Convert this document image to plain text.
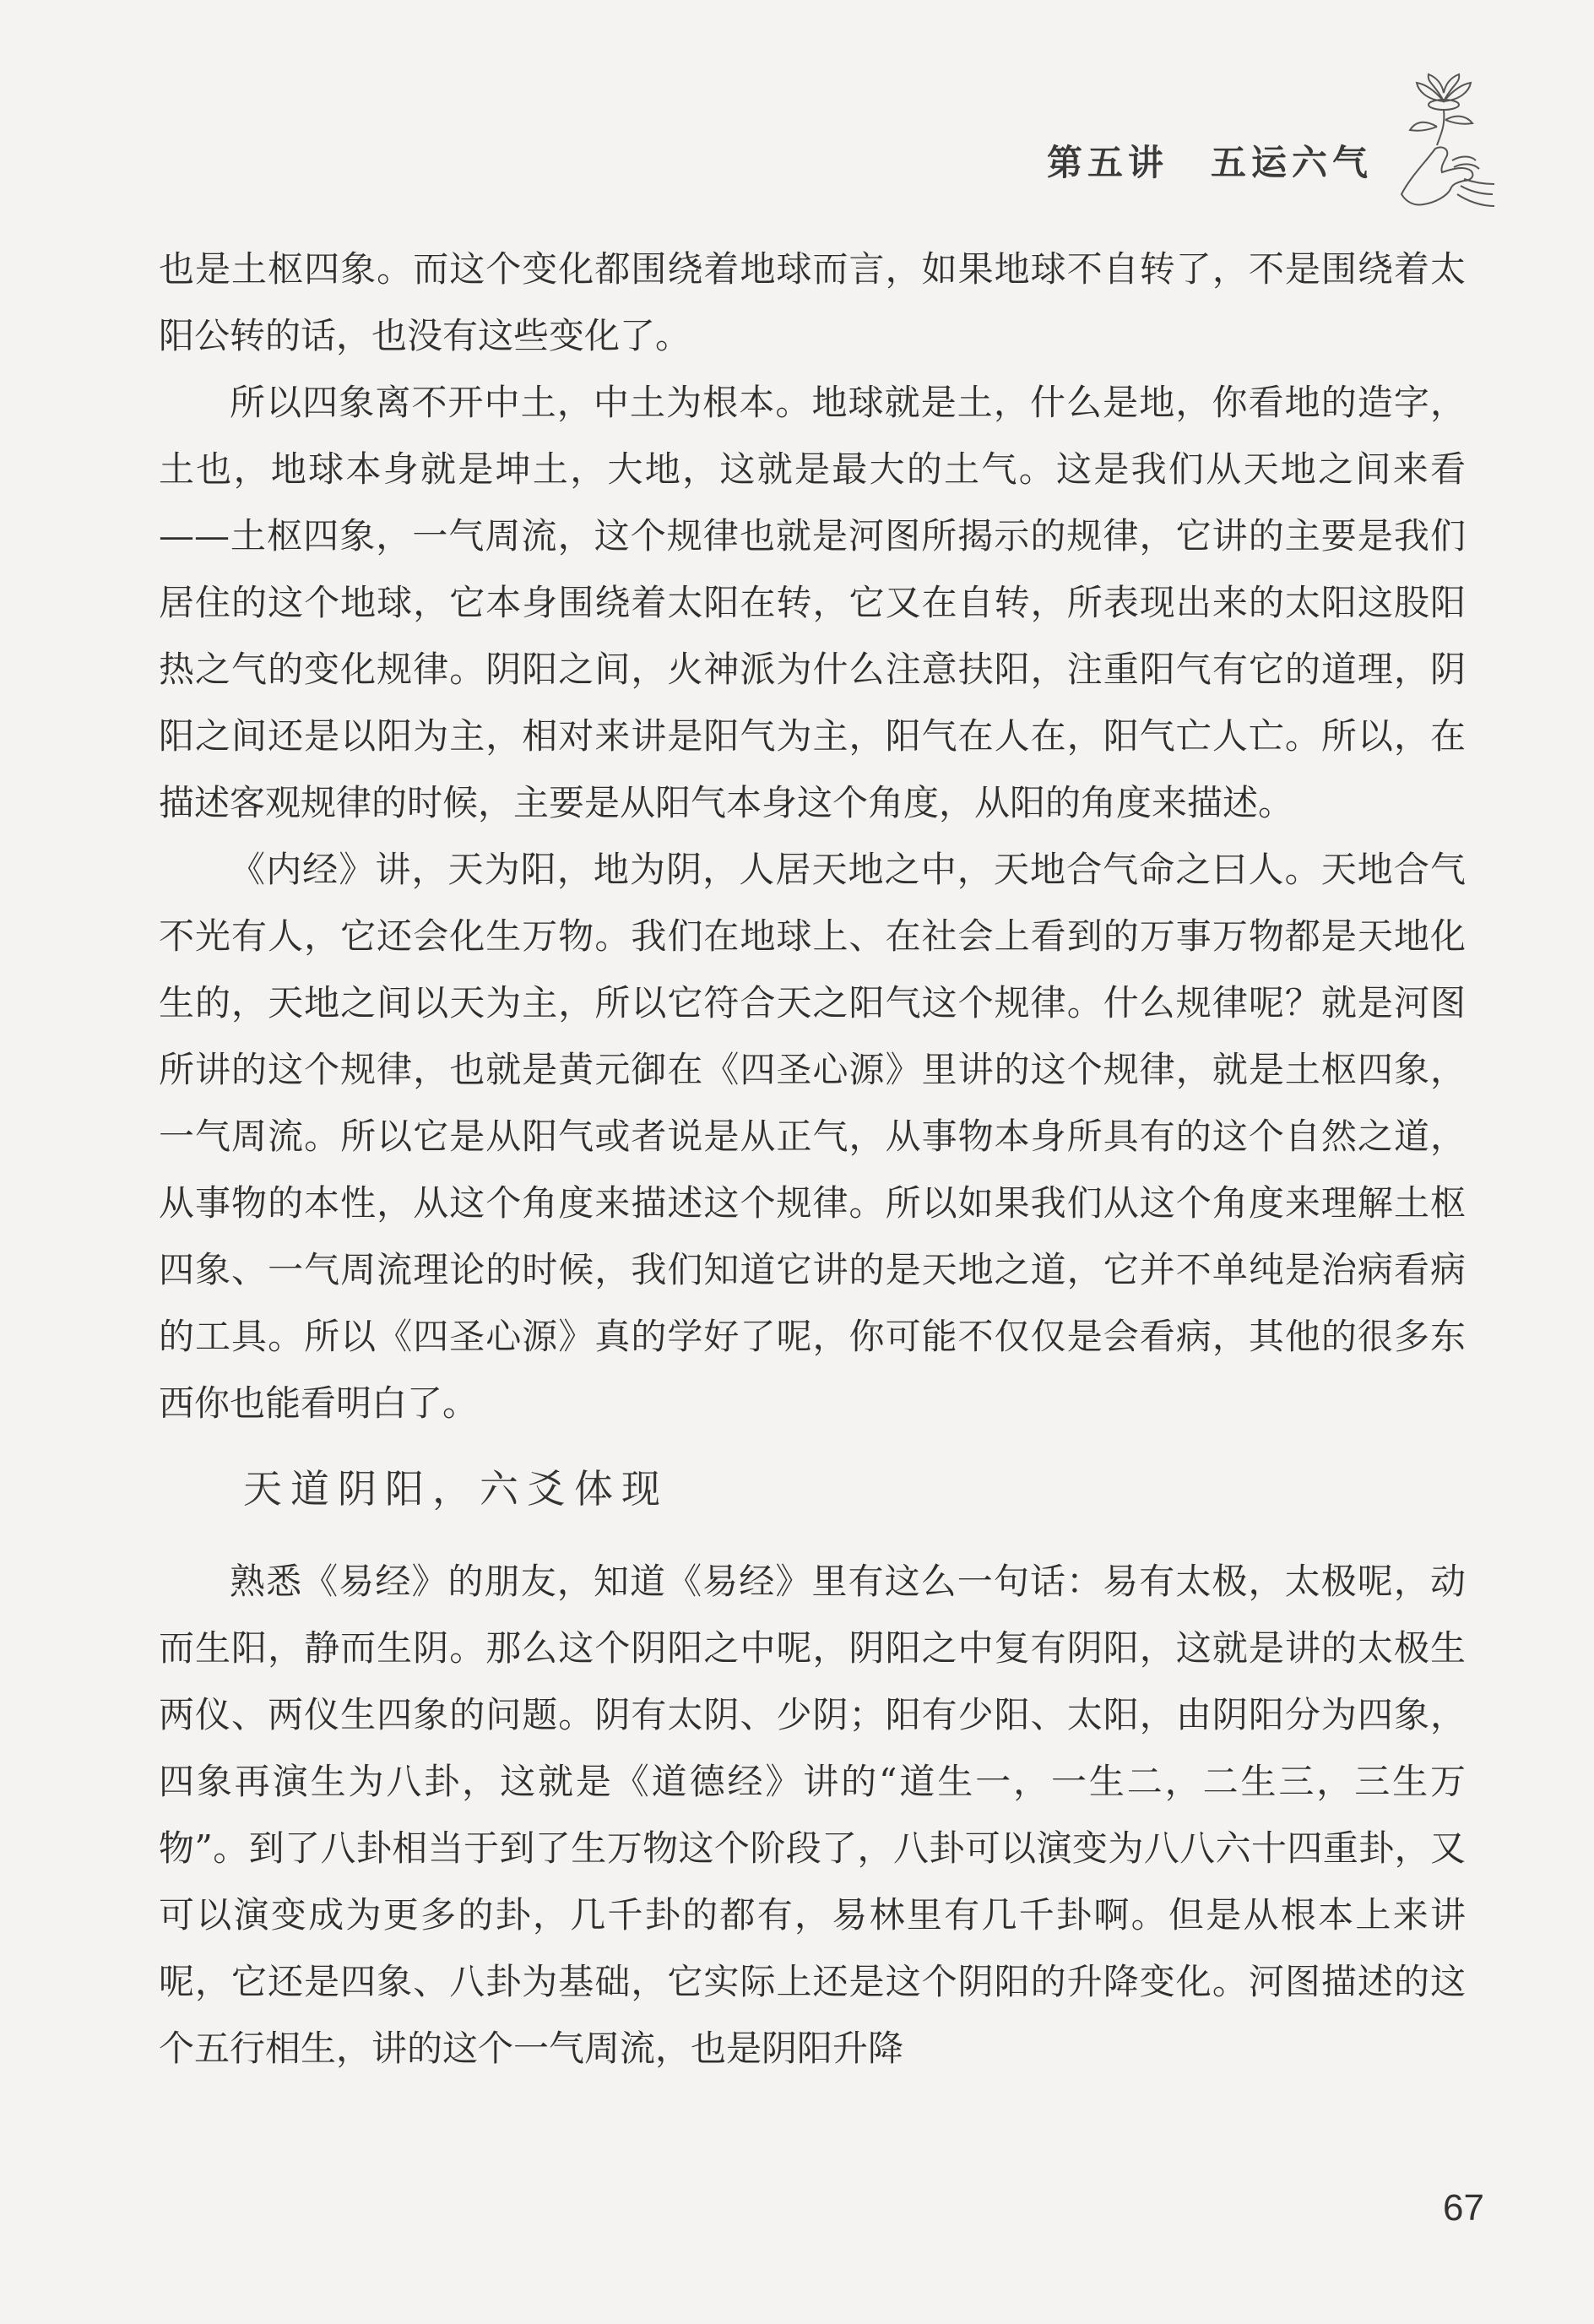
第五讲 五运六气

也是土枢四象。而这个变化都围绕着地球而言，如果地球不自转了，不是围绕着太阳公转的话，也没有这些变化了。

所以四象离不开中土，中土为根本。地球就是土，什么是地，你看地的造字，土也，地球本身就是坤土，大地，这就是最大的土气。这是我们从天地之间来看——土枢四象，一气周流，这个规律也就是河图所揭示的规律，它讲的主要是我们居住的这个地球，它本身围绕着太阳在转，它又在自转，所表现出来的太阳这股阳热之气的变化规律。阴阳之间，火神派为什么注意扶阳，注重阳气有它的道理，阴阳之间还是以阳为主，相对来讲是阳气为主，阳气在人在，阳气亡人亡。所以，在描述客观规律的时候，主要是从阳气本身这个角度，从阳的角度来描述。

《内经》讲，天为阳，地为阴，人居天地之中，天地合气命之曰人。天地合气不光有人，它还会化生万物。我们在地球上、在社会上看到的万事万物都是天地化生的，天地之间以天为主，所以它符合天之阳气这个规律。什么规律呢？就是河图所讲的这个规律，也就是黄元御在《四圣心源》里讲的这个规律，就是土枢四象，一气周流。所以它是从阳气或者说是从正气，从事物本身所具有的这个自然之道，从事物的本性，从这个角度来描述这个规律。所以如果我们从这个角度来理解土枢四象、一气周流理论的时候，我们知道它讲的是天地之道，它并不单纯是治病看病的工具。所以《四圣心源》真的学好了呢，你可能不仅仅是会看病，其他的很多东西你也能看明白了。

天道阴阳，六爻体现

熟悉《易经》的朋友，知道《易经》里有这么一句话：易有太极，太极呢，动而生阳，静而生阴。那么这个阴阳之中呢，阴阳之中复有阴阳，这就是讲的太极生两仪、两仪生四象的问题。阴有太阴、少阴；阳有少阳、太阳，由阴阳分为四象，四象再演生为八卦，这就是《道德经》讲的“道生一，一生二，二生三，三生万物”。到了八卦相当于到了生万物这个阶段了，八卦可以演变为八八六十四重卦，又可以演变成为更多的卦，几千卦的都有，易林里有几千卦啊。但是从根本上来讲呢，它还是四象、八卦为基础，它实际上还是这个阴阳的升降变化。河图描述的这个五行相生，讲的这个一气周流，也是阴阳升降

67
